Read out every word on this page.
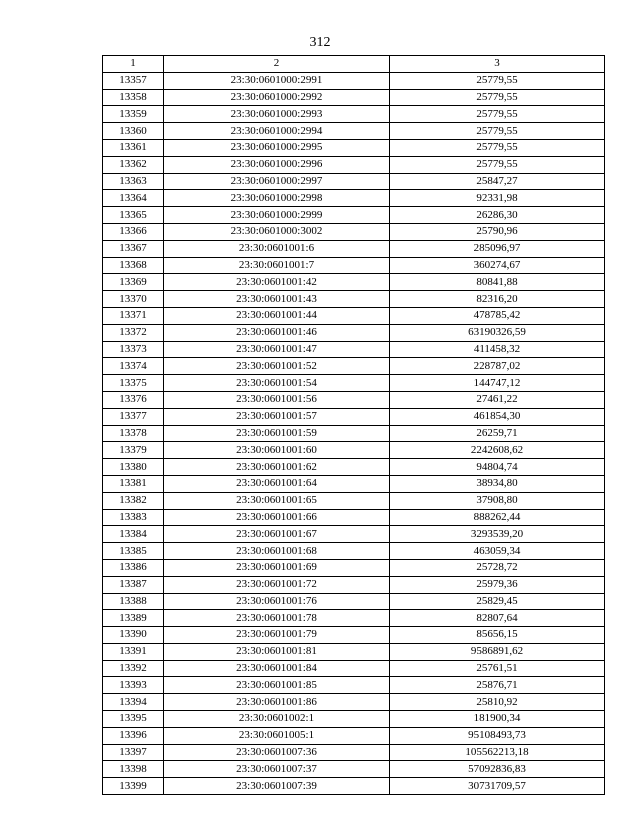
312
1	2	3
13357	23:30:0601000:2991	25779,55
13358	23:30:0601000:2992	25779,55
13359	23:30:0601000:2993	25779,55
13360	23:30:0601000:2994	25779,55
13361	23:30:0601000:2995	25779,55
13362	23:30:0601000:2996	25779,55
13363	23:30:0601000:2997	25847,27
13364	23:30:0601000:2998	92331,98
13365	23:30:0601000:2999	26286,30
13366	23:30:0601000:3002	25790,96
13367	23:30:0601001:6	285096,97
13368	23:30:0601001:7	360274,67
13369	23:30:0601001:42	80841,88
13370	23:30:0601001:43	82316,20
13371	23:30:0601001:44	478785,42
13372	23:30:0601001:46	63190326,59
13373	23:30:0601001:47	411458,32
13374	23:30:0601001:52	228787,02
13375	23:30:0601001:54	144747,12
13376	23:30:0601001:56	27461,22
13377	23:30:0601001:57	461854,30
13378	23:30:0601001:59	26259,71
13379	23:30:0601001:60	2242608,62
13380	23:30:0601001:62	94804,74
13381	23:30:0601001:64	38934,80
13382	23:30:0601001:65	37908,80
13383	23:30:0601001:66	888262,44
13384	23:30:0601001:67	3293539,20
13385	23:30:0601001:68	463059,34
13386	23:30:0601001:69	25728,72
13387	23:30:0601001:72	25979,36
13388	23:30:0601001:76	25829,45
13389	23:30:0601001:78	82807,64
13390	23:30:0601001:79	85656,15
13391	23:30:0601001:81	9586891,62
13392	23:30:0601001:84	25761,51
13393	23:30:0601001:85	25876,71
13394	23:30:0601001:86	25810,92
13395	23:30:0601002:1	181900,34
13396	23:30:0601005:1	95108493,73
13397	23:30:0601007:36	105562213,18
13398	23:30:0601007:37	57092836,83
13399	23:30:0601007:39	30731709,57
